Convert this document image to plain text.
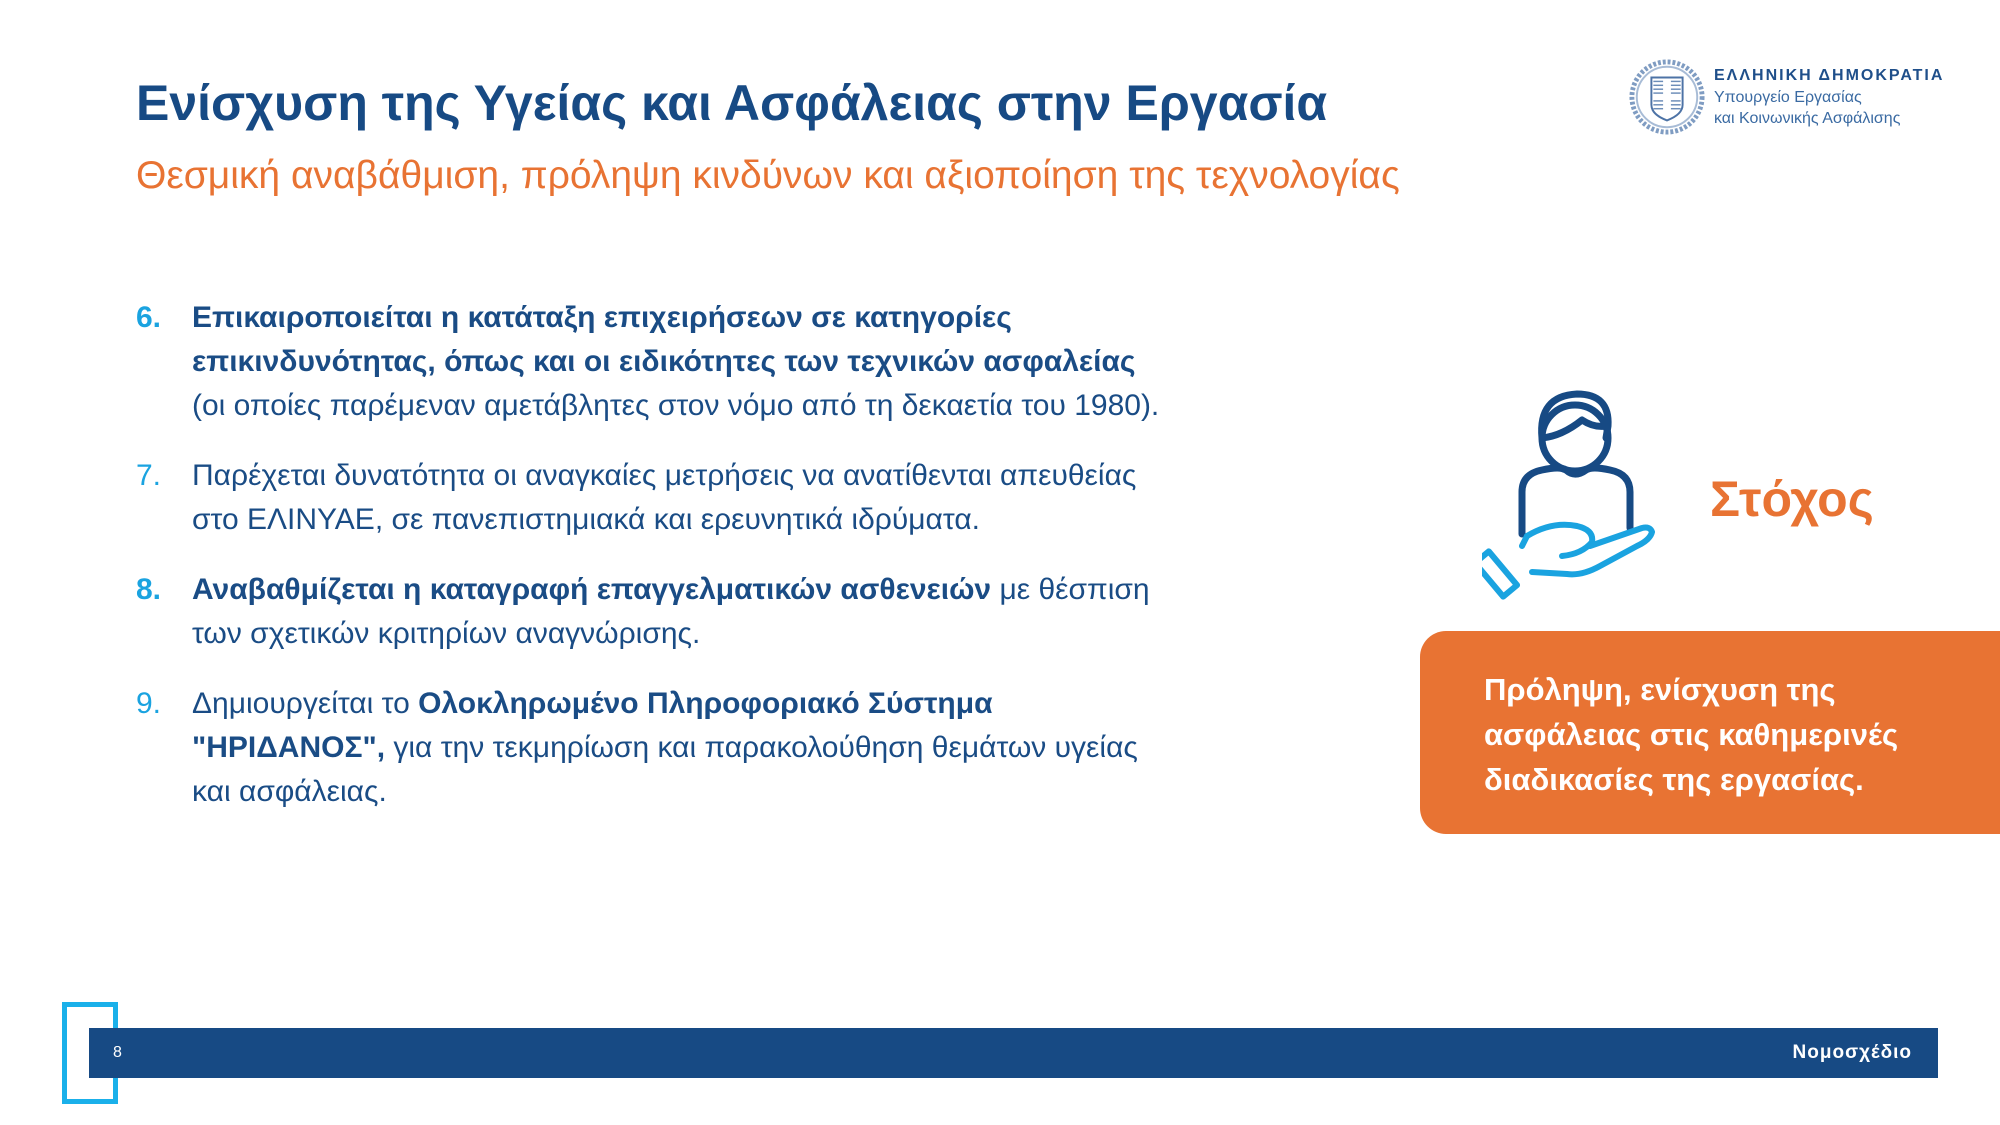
Ενίσχυση της Υγείας και Ασφάλειας στην Εργασία
Θεσμική αναβάθμιση, πρόληψη κινδύνων και αξιοποίηση της τεχνολογίας
ΕΛΛΗΝΙΚΗ ΔΗΜΟΚΡΑΤΙΑ
Υπουργείο Εργασίας
και Κοινωνικής Ασφάλισης
6.	Επικαιροποιείται η κατάταξη επιχειρήσεων σε κατηγορίες επικινδυνότητας, όπως και οι ειδικότητες των τεχνικών ασφαλείας (οι οποίες παρέμεναν αμετάβλητες στον νόμο από τη δεκαετία του 1980).
7.	Παρέχεται δυνατότητα οι αναγκαίες μετρήσεις να ανατίθενται απευθείας στο ΕΛΙΝΥΑΕ, σε πανεπιστημιακά και ερευνητικά ιδρύματα.
8.	Αναβαθμίζεται η καταγραφή επαγγελματικών ασθενειών με θέσπιση των σχετικών κριτηρίων αναγνώρισης.
9.	Δημιουργείται το Ολοκληρωμένο Πληροφοριακό Σύστημα "ΗΡΙΔΑΝΟΣ", για την τεκμηρίωση και παρακολούθηση θεμάτων υγείας και ασφάλειας.
Στόχος
Πρόληψη, ενίσχυση της ασφάλειας στις καθημερινές διαδικασίες της εργασίας.
8	Νομοσχέδιο
